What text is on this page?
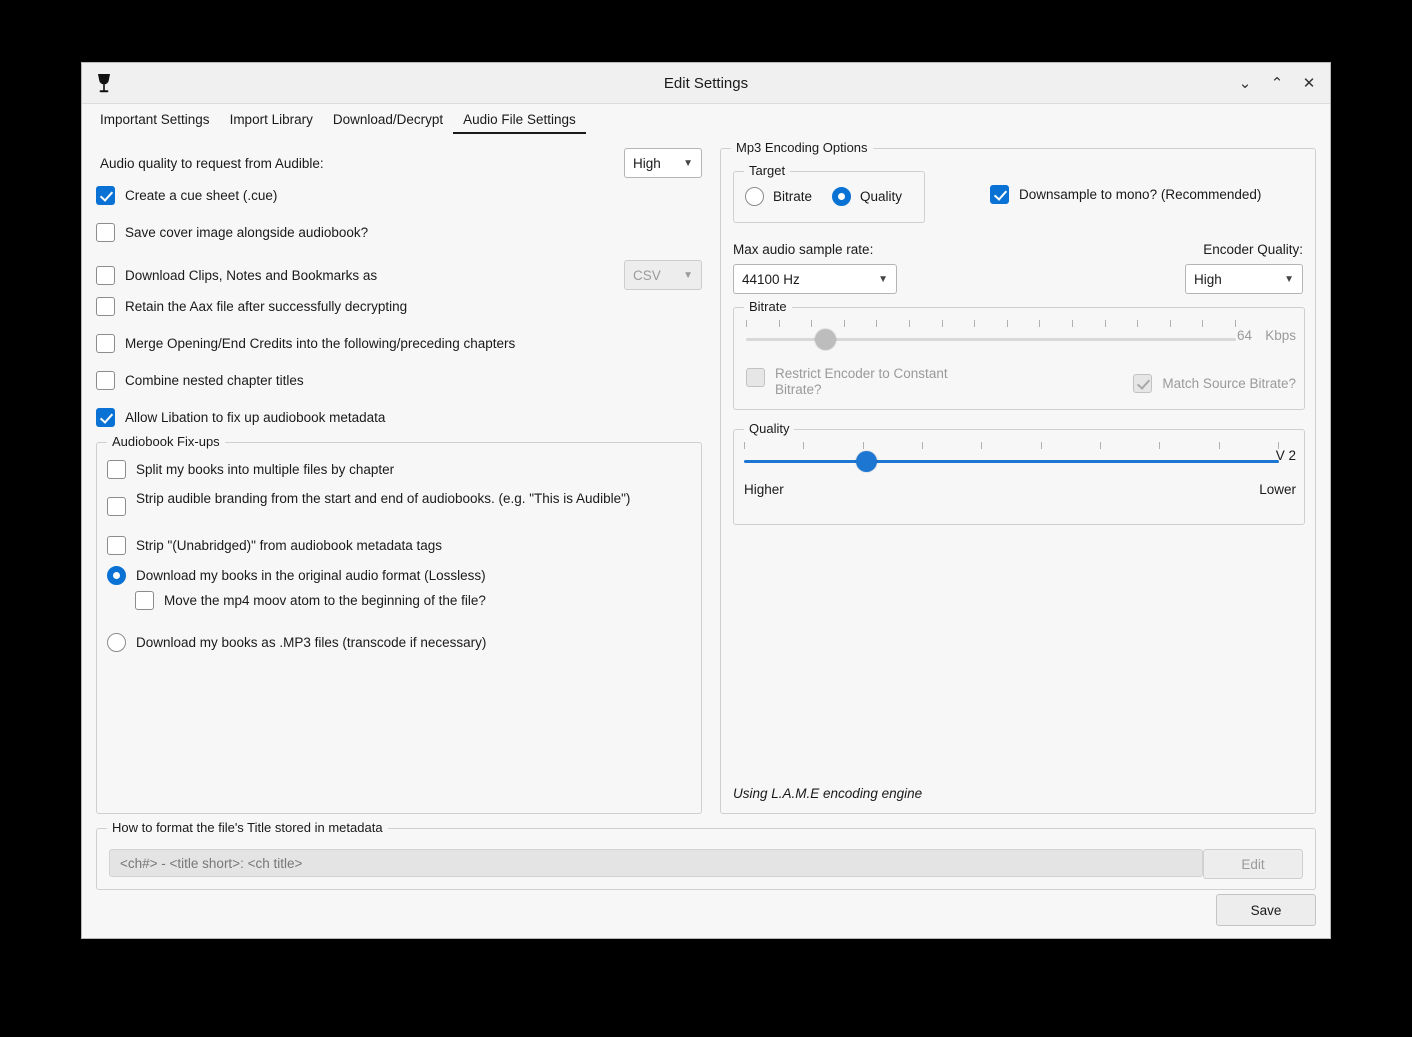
Edit Settings	⌄	⌃	✕
Important Settings	Import Library	Download/Decrypt	Audio File Settings
Audio quality to request from Audible:	High ▼
Create a cue sheet (.cue)
Save cover image alongside audiobook?
Download Clips, Notes and Bookmarks as	CSV ▼
Retain the Aax file after successfully decrypting
Merge Opening/End Credits into the following/preceding chapters
Combine nested chapter titles
Allow Libation to fix up audiobook metadata
Audiobook Fix-ups
Split my books into multiple files by chapter
Strip audible branding from the start and end of audiobooks. (e.g. "This is Audible")
Strip "(Unabridged)" from audiobook metadata tags
Download my books in the original audio format (Lossless)
Move the mp4 moov atom to the beginning of the file?
Download my books as .MP3 files (transcode if necessary)
Mp3 Encoding Options
Target
Bitrate	Quality	Downsample to mono? (Recommended)
Max audio sample rate:
44100 Hz	▼
Encoder Quality:
High	▼
Bitrate
64 Kbps
Restrict Encoder to Constant Bitrate?	Match Source Bitrate?
Quality
V 2
Higher	Lower
Using L.A.M.E encoding engine
How to format the file's Title stored in metadata
<ch#> - <title short>: <ch title>	Edit
Save
